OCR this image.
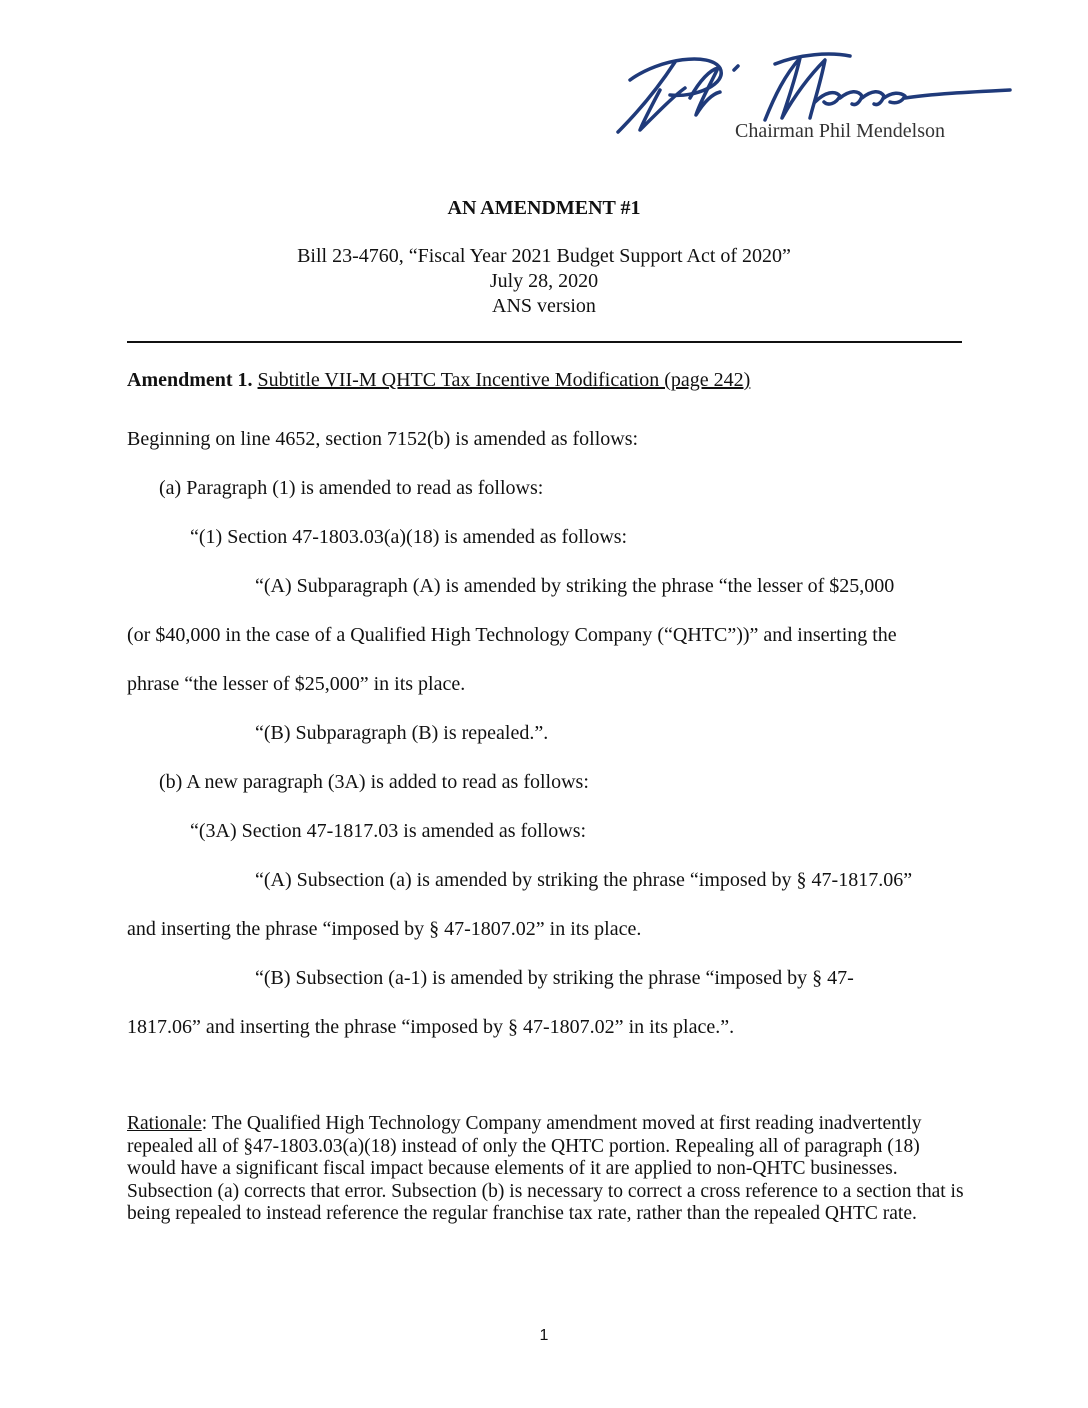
Chairman Phil Mendelson
AN AMENDMENT #1
Bill 23-4760, “Fiscal Year 2021 Budget Support Act of 2020”
July 28, 2020
ANS version
Amendment 1. Subtitle VII-M QHTC Tax Incentive Modification (page 242)
Beginning on line 4652, section 7152(b) is amended as follows:
(a) Paragraph (1) is amended to read as follows:
“(1) Section 47-1803.03(a)(18) is amended as follows:
“(A) Subparagraph (A) is amended by striking the phrase “the lesser of $25,000
(or $40,000 in the case of a Qualified High Technology Company (“QHTC”))” and inserting the
phrase “the lesser of $25,000” in its place.
“(B) Subparagraph (B) is repealed.”.
(b) A new paragraph (3A) is added to read as follows:
“(3A) Section 47-1817.03 is amended as follows:
“(A) Subsection (a) is amended by striking the phrase “imposed by § 47-1817.06”
and inserting the phrase “imposed by § 47-1807.02” in its place.
“(B) Subsection (a-1) is amended by striking the phrase “imposed by § 47-
1817.06” and inserting the phrase “imposed by § 47-1807.02” in its place.”.
Rationale: The Qualified High Technology Company amendment moved at first reading inadvertently repealed all of §47-1803.03(a)(18) instead of only the QHTC portion. Repealing all of paragraph (18) would have a significant fiscal impact because elements of it are applied to non-QHTC businesses. Subsection (a) corrects that error. Subsection (b) is necessary to correct a cross reference to a section that is being repealed to instead reference the regular franchise tax rate, rather than the repealed QHTC rate.
1
